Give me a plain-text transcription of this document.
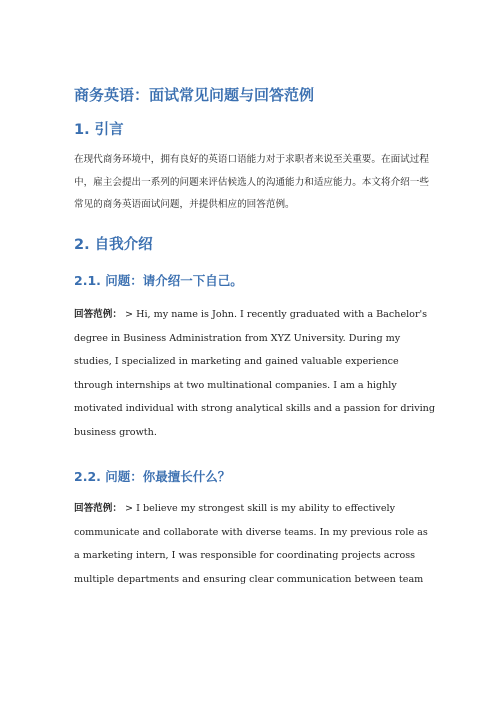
商务英语：面试常见问题与回答范例
1. 引言

在现代商务环境中，拥有良好的英语口语能力对于求职者来说至关重要。在面试过程中，雇主会提出一系列的问题来评估候选人的沟通能力和适应能力。本文将介绍一些常见的商务英语面试问题，并提供相应的回答范例。

2. 自我介绍
2.1. 问题：请介绍一下自己。

回答范例： > Hi, my name is John. I recently graduated with a Bachelor's degree in Business Administration from XYZ University. During my studies, I specialized in marketing and gained valuable experience through internships at two multinational companies. I am a highly motivated individual with strong analytical skills and a passion for driving business growth.

2.2. 问题：你最擅长什么？

回答范例： > I believe my strongest skill is my ability to effectively communicate and collaborate with diverse teams. In my previous role as a marketing intern, I was responsible for coordinating projects across multiple departments and ensuring clear communication between team
